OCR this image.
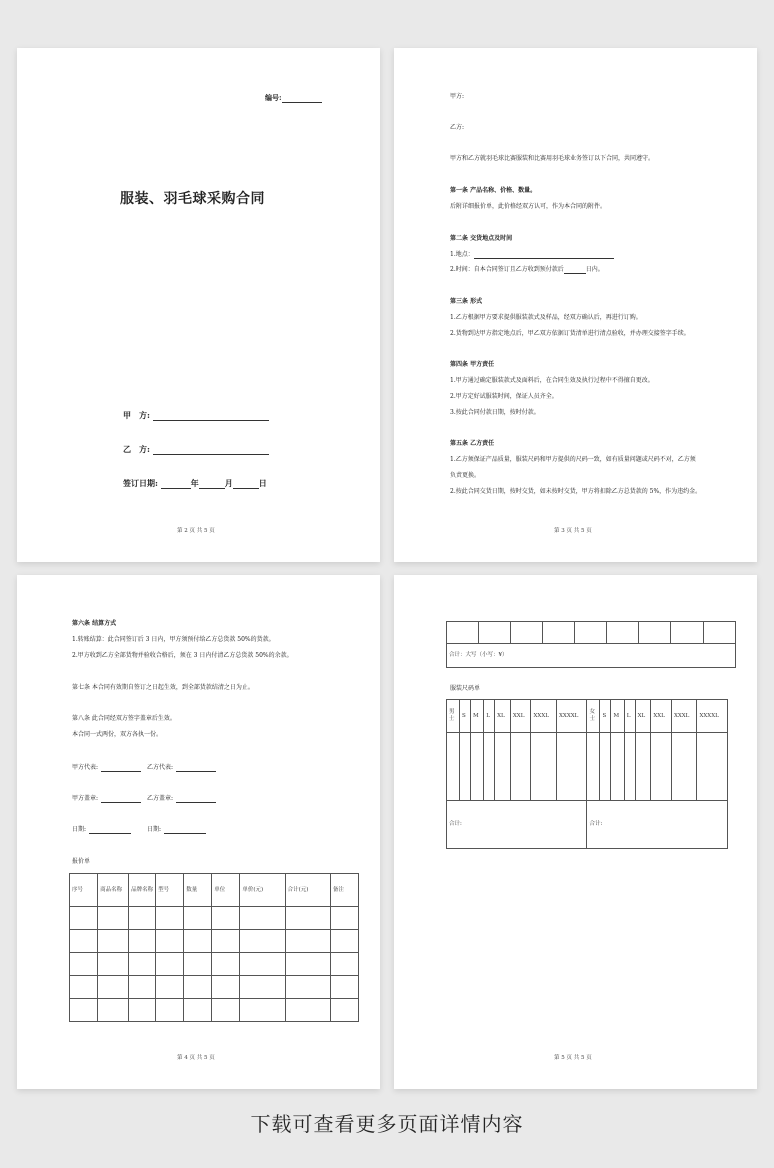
编号:
服装、羽毛球采购合同
甲　方:
乙　方:
签订日期:	年	月	日
第 2 页 共 5 页
甲方:
乙方:
甲方和乙方就羽毛球比赛服装和比赛用羽毛球业务签订以下合同，共同遵守。
第一条 产品名称、价格、数量。
后附详细报价单，此价格经双方认可，作为本合同的附件。
第二条 交货地点及时间
1.地点：
2.时间：自本合同签订且乙方收到预付款后	日内。
第三条 形式
1.乙方根据甲方要求提供服装款式及样品，经双方确认后，再进行订购。
2.货物到达甲方指定地点后，甲乙双方依据订货清单进行清点验收，并办理交接签字手续。
第四条 甲方责任
1.甲方通过确定服装款式及面料后，在合同生效及执行过程中不得擅自更改。
2.甲方定好试服装时间，保证人员齐全。
3.按此合同付款日期，按时付款。
第五条 乙方责任
1.乙方须保证产品质量，服装尺码和甲方提供的尺码一致，如有质量问题或尺码不对，乙方须
负责更换。
2.按此合同交货日期，按时交货，如未按时交货，甲方将扣除乙方总货款的 5%，作为违约金。
第 3 页 共 5 页
第六条 结算方式
1.转账结算：此合同签订后 3 日内，甲方须预付给乙方总货款 50%的货款。
2.甲方收到乙方全部货物并验收合格后，须在 3 日内付清乙方总货款 50%的余款。
第七条 本合同有效期自签订之日起生效，到全部货款结清之日为止。
第八条 此合同经双方签字盖章后生效。
本合同一式两份，双方各执一份。
甲方代表:	乙方代表:
甲方盖章:	乙方盖章:
日期:	日期:
报价单
序号	商品名称	品牌名称	型号	数量	单位	单价(元)	合计(元)	备注

第 4 页 共 5 页

合计：大写（小写：¥）
服装尺码单
男士	S	M	L	XL	XXL	XXXL	XXXXL	女士	S	M	L	XL	XXL	XXXL	XXXXL

合计:								合计:							
第 5 页 共 5 页
下载可查看更多页面详情内容
